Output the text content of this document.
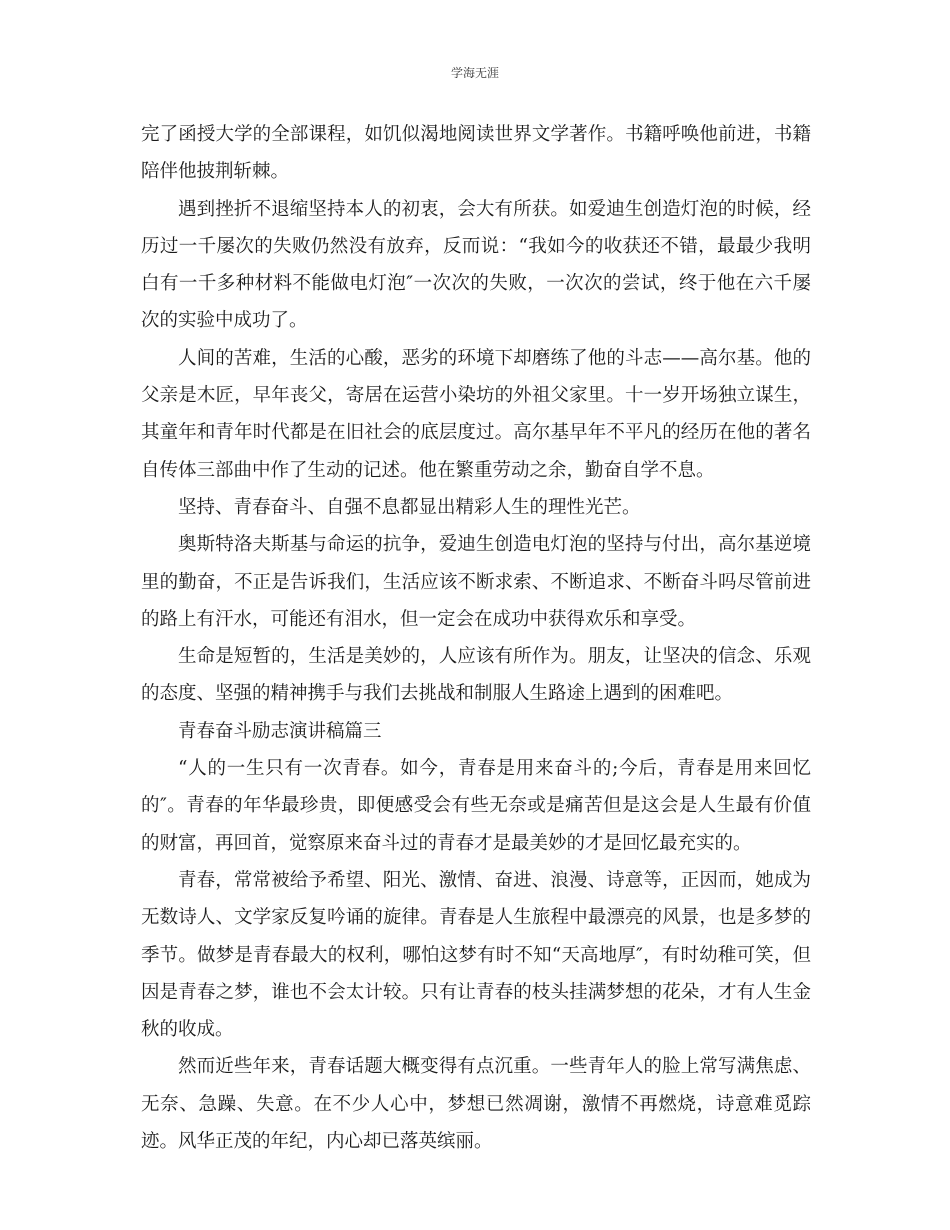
学海无涯

完了函授大学的全部课程，如饥似渴地阅读世界文学著作。书籍呼唤他前进，书籍陪伴他披荆斩棘。

遇到挫折不退缩坚持本人的初衷，会大有所获。如爱迪生创造灯泡的时候，经历过一千屡次的失败仍然没有放弃，反而说：“我如今的收获还不错，最最少我明白有一千多种材料不能做电灯泡″一次次的失败，一次次的尝试，终于他在六千屡次的实验中成功了。

人间的苦难，生活的心酸，恶劣的环境下却磨练了他的斗志——高尔基。他的父亲是木匠，早年丧父，寄居在运营小染坊的外祖父家里。十一岁开场独立谋生，其童年和青年时代都是在旧社会的底层度过。高尔基早年不平凡的经历在他的著名自传体三部曲中作了生动的记述。他在繁重劳动之余，勤奋自学不息。

坚持、青春奋斗、自强不息都显出精彩人生的理性光芒。

奥斯特洛夫斯基与命运的抗争，爱迪生创造电灯泡的坚持与付出，高尔基逆境里的勤奋，不正是告诉我们，生活应该不断求索、不断追求、不断奋斗吗尽管前进的路上有汗水，可能还有泪水，但一定会在成功中获得欢乐和享受。

生命是短暂的，生活是美妙的，人应该有所作为。朋友，让坚决的信念、乐观的态度、坚强的精神携手与我们去挑战和制服人生路途上遇到的困难吧。

青春奋斗励志演讲稿篇三

“人的一生只有一次青春。如今，青春是用来奋斗的;今后，青春是用来回忆的″。青春的年华最珍贵，即便感受会有些无奈或是痛苦但是这会是人生最有价值的财富，再回首，觉察原来奋斗过的青春才是最美妙的才是回忆最充实的。

青春，常常被给予希望、阳光、激情、奋进、浪漫、诗意等，正因而，她成为无数诗人、文学家反复吟诵的旋律。青春是人生旅程中最漂亮的风景，也是多梦的季节。做梦是青春最大的权利，哪怕这梦有时不知“天高地厚″，有时幼稚可笑，但因是青春之梦，谁也不会太计较。只有让青春的枝头挂满梦想的花朵，才有人生金秋的收成。

然而近些年来，青春话题大概变得有点沉重。一些青年人的脸上常写满焦虑、无奈、急躁、失意。在不少人心中，梦想已然凋谢，激情不再燃烧，诗意难觅踪迹。风华正茂的年纪，内心却已落英缤丽。
